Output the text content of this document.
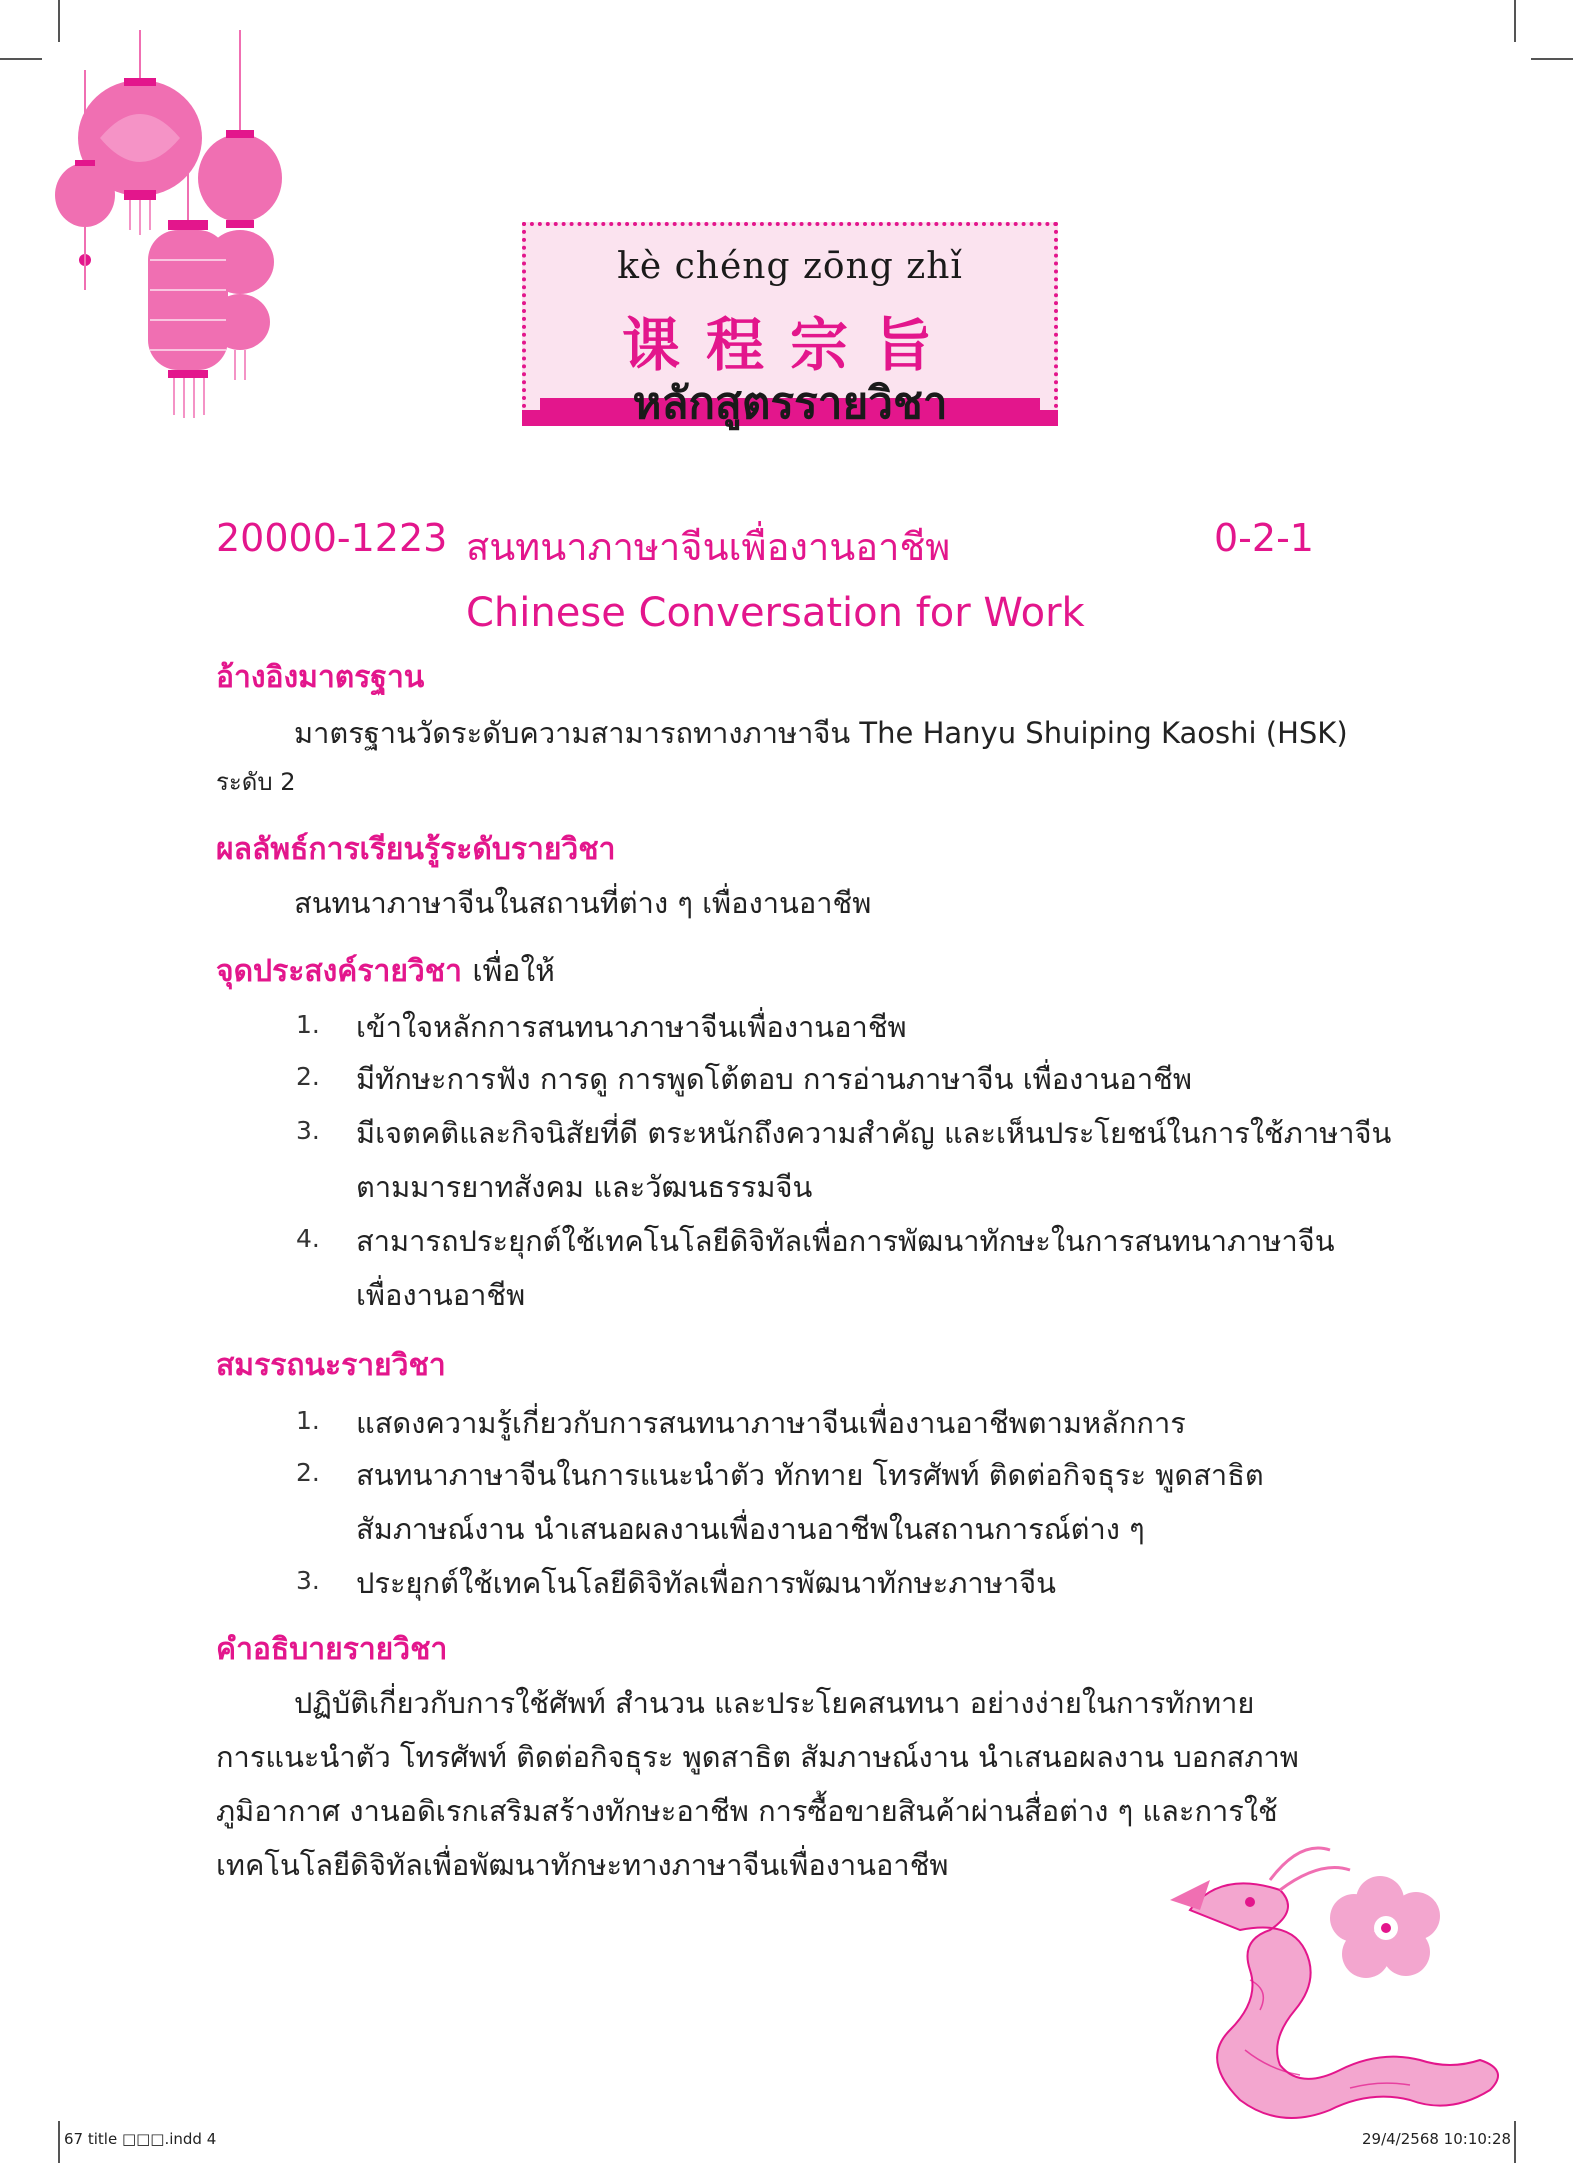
kè chéng zōng zhǐ
课程宗旨
หลักสูตรรายวิชา
20000-1223 สนทนาภาษาจีนเพื่องานอาชีพ	0-2-1
Chinese Conversation for Work
อ้างอิงมาตรฐาน
มาตรฐานวัดระดับความสามารถทางภาษาจีน The Hanyu Shuiping Kaoshi (HSK)
ระดับ 2
ผลลัพธ์การเรียนรู้ระดับรายวิชา
สนทนาภาษาจีนในสถานที่ต่าง ๆ เพื่องานอาชีพ
จุดประสงค์รายวิชา เพื่อให้
1. เข้าใจหลักการสนทนาภาษาจีนเพื่องานอาชีพ
2. มีทักษะการฟัง การดู การพูดโต้ตอบ การอ่านภาษาจีน เพื่องานอาชีพ
3. มีเจตคติและกิจนิสัยที่ดี ตระหนักถึงความสำคัญ และเห็นประโยชน์ในการใช้ภาษาจีน
ตามมารยาทสังคม และวัฒนธรรมจีน
4. สามารถประยุกต์ใช้เทคโนโลยีดิจิทัลเพื่อการพัฒนาทักษะในการสนทนาภาษาจีน
เพื่องานอาชีพ
สมรรถนะรายวิชา
1. แสดงความรู้เกี่ยวกับการสนทนาภาษาจีนเพื่องานอาชีพตามหลักการ
2. สนทนาภาษาจีนในการแนะนำตัว ทักทาย โทรศัพท์ ติดต่อกิจธุระ พูดสาธิต
สัมภาษณ์งาน นำเสนอผลงานเพื่องานอาชีพในสถานการณ์ต่าง ๆ
3. ประยุกต์ใช้เทคโนโลยีดิจิทัลเพื่อการพัฒนาทักษะภาษาจีน
คำอธิบายรายวิชา
ปฏิบัติเกี่ยวกับการใช้ศัพท์ สำนวน และประโยคสนทนา อย่างง่ายในการทักทาย
การแนะนำตัว โทรศัพท์ ติดต่อกิจธุระ พูดสาธิต สัมภาษณ์งาน นำเสนอผลงาน บอกสภาพ
ภูมิอากาศ งานอดิเรกเสริมสร้างทักษะอาชีพ การซื้อขายสินค้าผ่านสื่อต่าง ๆ และการใช้
เทคโนโลยีดิจิทัลเพื่อพัฒนาทักษะทางภาษาจีนเพื่องานอาชีพ
67 title □□□.indd 4	29/4/2568 10:10:28
